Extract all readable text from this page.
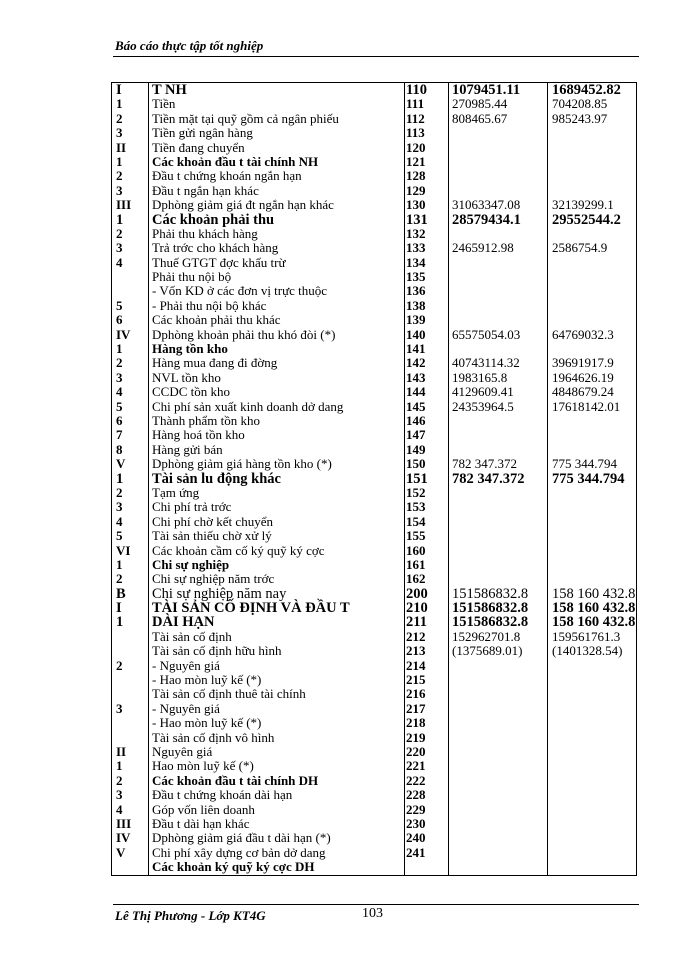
Báo cáo thực tập tốt nghiệp
I
1
2
3
II
1
2
3
III
1
2
3
4
5
6
IV
1
2
3
4
5
6
7
8
V
1
2
3
4
5
VI
1
2
B
I
1
2
3
II
1
2
3
4
III
IV
V
T NH
Tiền
Tiền mặt tại quỹ gồm cả ngân phiếu
Tiền gửi ngân hàng
Tiền đang chuyển
Các khoản đầu t tài chính NH
Đầu t chứng khoán ngắn hạn
Đầu t ngắn hạn khác
Dphòng giảm giá đt ngắn hạn khác
Các khoản phải thu
Phải thu khách hàng
Trả trớc cho khách hàng
Thuế GTGT đợc khấu trừ
Phải thu nội bộ
- Vốn KD ở các đơn vị trực thuộc
- Phải thu nội bộ khác
Các khoản phải thu khác
Dphòng khoản phải thu khó đòi (*)
Hàng tồn kho
Hàng mua đang đi đờng
NVL tồn kho
CCDC tồn kho
Chi phí sản xuất kinh doanh dở dang
Thành phẩm tồn kho
Hàng hoá tồn kho
Hàng gửi bán
Dphòng giảm giá hàng tồn kho (*)
Tài sản lu động khác
Tạm ứng
Chi phí trả trớc
Chi phí chờ kết chuyển
Tài sản thiếu chờ xử lý
Các khoản cầm cố ký quỹ ký cợc
Chi sự nghiệp
Chi sự nghiệp năm trớc
Chi sự nghiệp năm nay
TÀI SẢN CỐ ĐỊNH VÀ ĐẦU T
DÀI HẠN
Tài sản cố định
Tài sản cố định hữu hình
- Nguyên giá
- Hao mòn luỹ kế (*)
Tài sản cố định thuê tài chính
- Nguyên giá
- Hao mòn luỹ kế (*)
Tài sản cố định vô hình
Nguyên giá
Hao mòn luỹ kế (*)
Các khoản đầu t tài chính DH
Đầu t chứng khoán dài hạn
Góp vốn liên doanh
Đầu t dài hạn khác
Dphòng giảm giá đầu t dài hạn (*)
Chi phí xây dựng cơ bản dở dang
Các khoản ký quỹ ký cợc DH
110
111
112
113
120
121
128
129
130
131
132
133
134
135
136
138
139
140
141
142
143
144
145
146
147
149
150
151
152
153
154
155
160
161
162
200
210
211
212
213
214
215
216
217
218
219
220
221
222
228
229
230
240
241
1079451.11
270985.44
808465.67
31063347.08
28579434.1
2465912.98
65575054.03
40743114.32
1983165.8
4129609.41
24353964.5
782 347.372
782 347.372
151586832.8
151586832.8
151586832.8
152962701.8
(1375689.01)
1689452.82
704208.85
985243.97
32139299.1
29552544.2
2586754.9
64769032.3
39691917.9
1964626.19
4848679.24
17618142.01
775 344.794
775 344.794
158 160 432.8
158 160 432.8
158 160 432.8
159561761.3
(1401328.54)
Lê Thị Phương - Lớp KT4G	103
